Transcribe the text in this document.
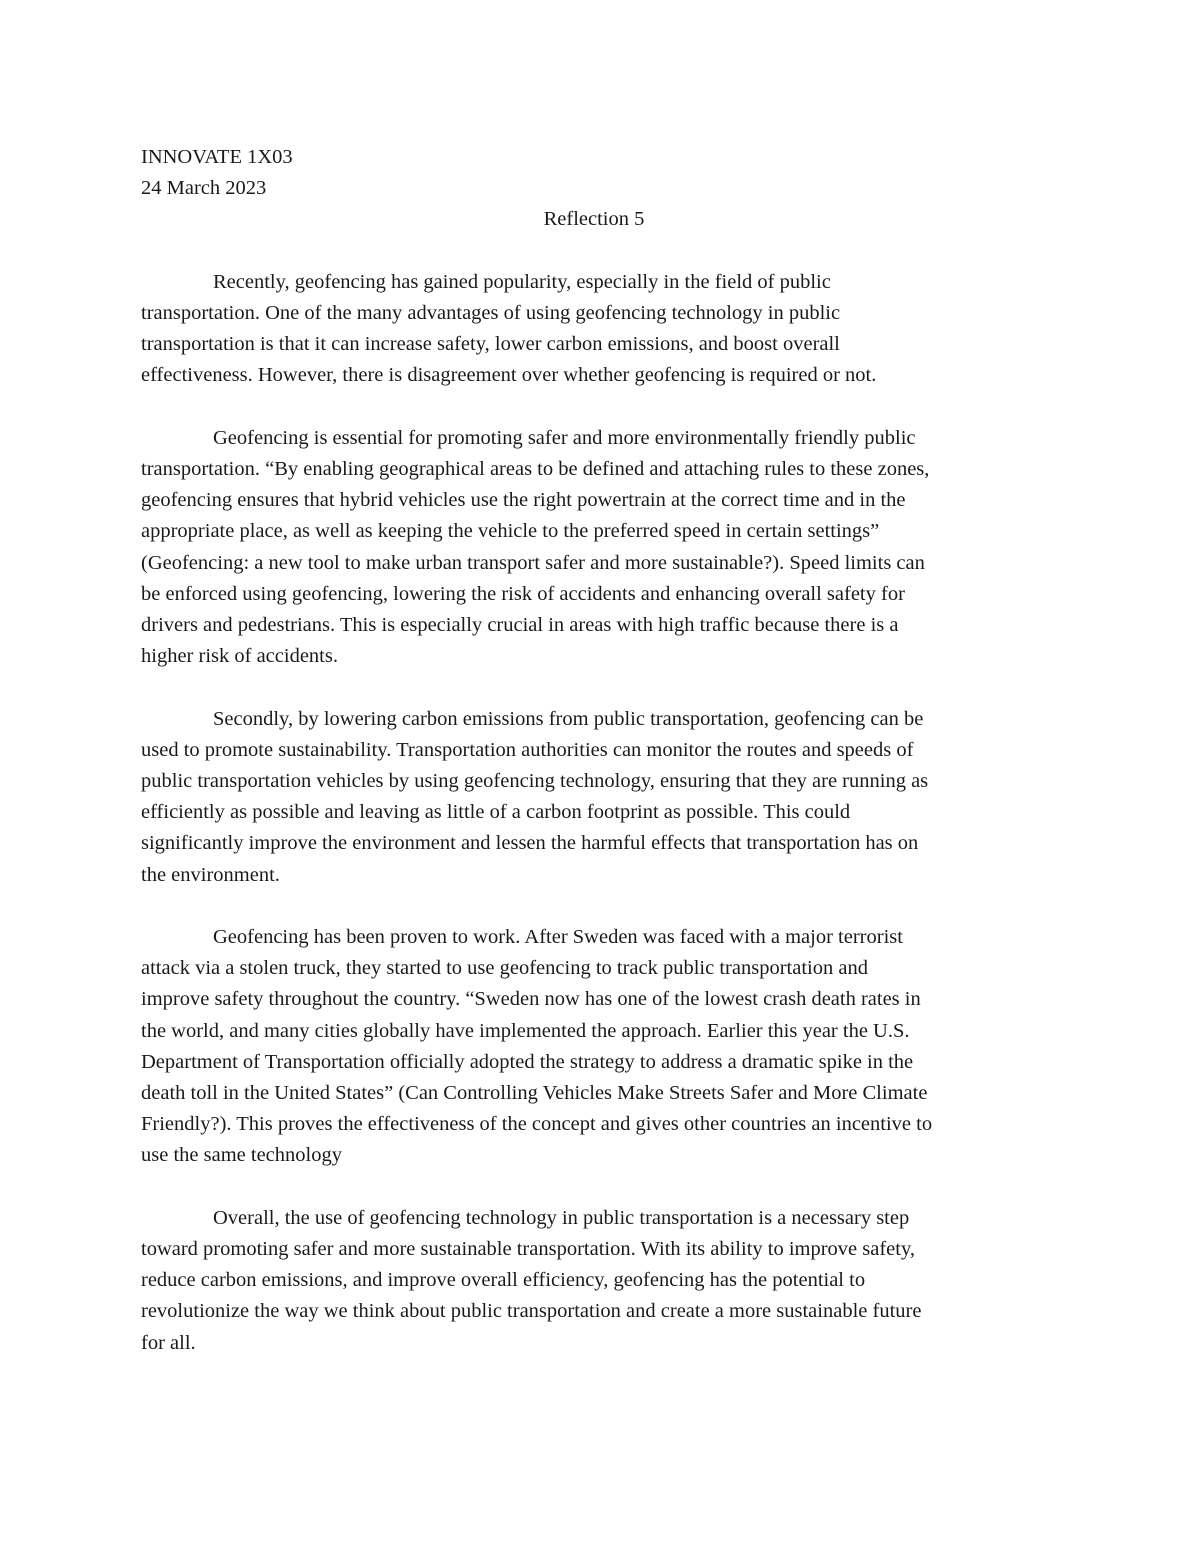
INNOVATE 1X03
24 March 2023
Reflection 5
Recently, geofencing has gained popularity, especially in the field of public
transportation. One of the many advantages of using geofencing technology in public
transportation is that it can increase safety, lower carbon emissions, and boost overall
effectiveness. However, there is disagreement over whether geofencing is required or not.
Geofencing is essential for promoting safer and more environmentally friendly public
transportation. “By enabling geographical areas to be defined and attaching rules to these zones,
geofencing ensures that hybrid vehicles use the right powertrain at the correct time and in the
appropriate place, as well as keeping the vehicle to the preferred speed in certain settings”
(Geofencing: a new tool to make urban transport safer and more sustainable?). Speed limits can
be enforced using geofencing, lowering the risk of accidents and enhancing overall safety for
drivers and pedestrians. This is especially crucial in areas with high traffic because there is a
higher risk of accidents.
Secondly, by lowering carbon emissions from public transportation, geofencing can be
used to promote sustainability. Transportation authorities can monitor the routes and speeds of
public transportation vehicles by using geofencing technology, ensuring that they are running as
efficiently as possible and leaving as little of a carbon footprint as possible. This could
significantly improve the environment and lessen the harmful effects that transportation has on
the environment.
Geofencing has been proven to work. After Sweden was faced with a major terrorist
attack via a stolen truck, they started to use geofencing to track public transportation and
improve safety throughout the country. “Sweden now has one of the lowest crash death rates in
the world, and many cities globally have implemented the approach. Earlier this year the U.S.
Department of Transportation officially adopted the strategy to address a dramatic spike in the
death toll in the United States” (Can Controlling Vehicles Make Streets Safer and More Climate
Friendly?). This proves the effectiveness of the concept and gives other countries an incentive to
use the same technology
Overall, the use of geofencing technology in public transportation is a necessary step
toward promoting safer and more sustainable transportation. With its ability to improve safety,
reduce carbon emissions, and improve overall efficiency, geofencing has the potential to
revolutionize the way we think about public transportation and create a more sustainable future
for all.
